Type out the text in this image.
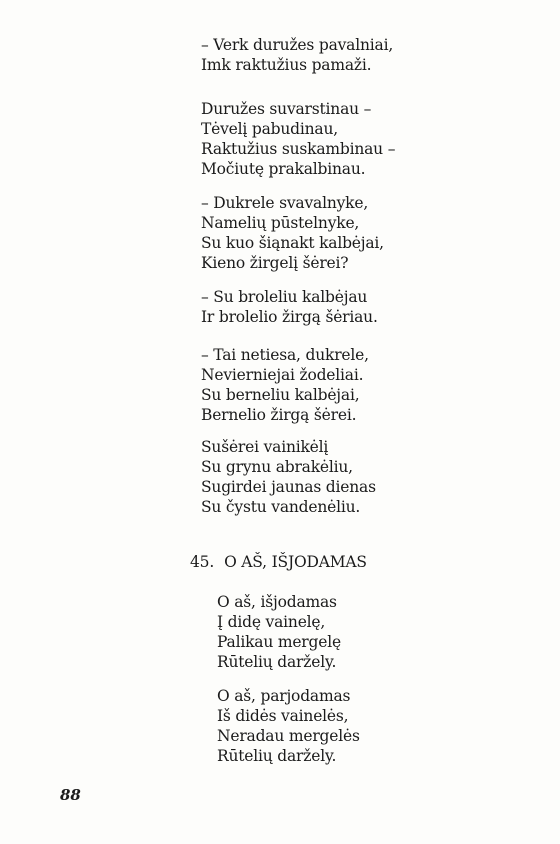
– Verk duružes pavalniai,
Imk raktužius pamaži.
Duružes suvarstinau –
Tėvelį pabudinau,
Raktužius suskambinau –
Močiutę prakalbinau.
– Dukrele svavalnyke,
Namelių pūstelnyke,
Su kuo šiąnakt kalbėjai,
Kieno žirgelį šėrei?
– Su broleliu kalbėjau
Ir brolelio žirgą šėriau.
– Tai netiesa, dukrele,
Nevierniejai žodeliai.
Su berneliu kalbėjai,
Bernelio žirgą šėrei.
Sušėrei vainikėlį
Su grynu abrakėliu,
Sugirdei jaunas dienas
Su čystu vandenėliu.
45. O AŠ, IŠJODAMAS
O aš, išjodamas
Į didę vainelę,
Palikau mergelę
Rūtelių daržely.
O aš, parjodamas
Iš didės vainelės,
Neradau mergelės
Rūtelių daržely.
88
